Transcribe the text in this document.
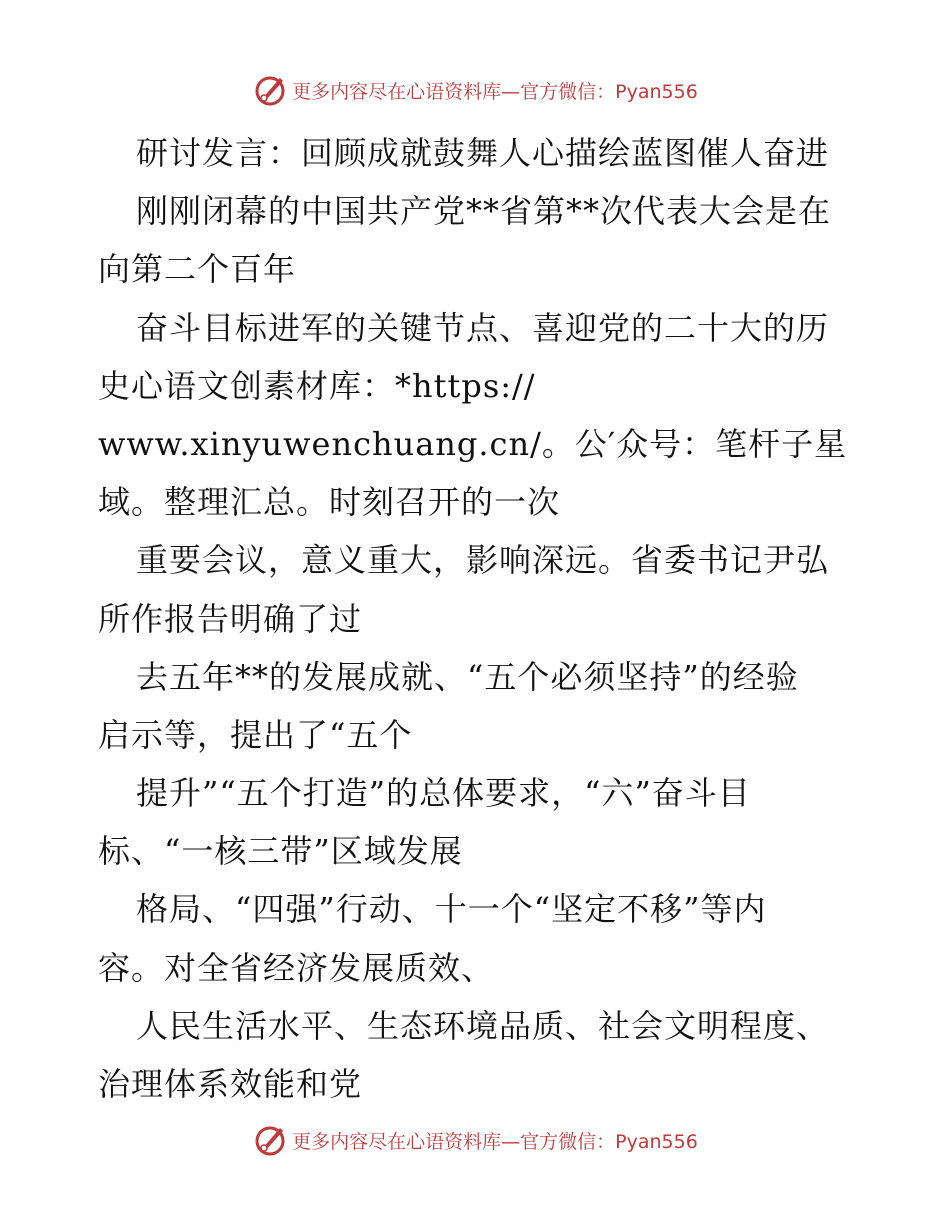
更多内容尽在心语资料库—官方微信：Pyan556
研讨发言：回顾成就鼓舞人心描绘蓝图催人奋进
刚刚闭幕的中国共产党**省第**次代表大会是在
向第二个百年
奋斗目标进军的关键节点、喜迎党的二十大的历
史心语文创素材库：*https://
www.xinyuwenchuang.cn/。公′众号：笔杆子星
域。整理汇总。时刻召开的一次
重要会议，意义重大，影响深远。省委书记尹弘
所作报告明确了过
去五年**的发展成就、“五个必须坚持”的经验
启示等，提出了“五个
提升”“五个打造”的总体要求，“六”奋斗目
标、“一核三带”区域发展
格局、“四强”行动、十一个“坚定不移”等内
容。对全省经济发展质效、
人民生活水平、生态环境品质、社会文明程度、
治理体系效能和党
更多内容尽在心语资料库—官方微信：Pyan556
